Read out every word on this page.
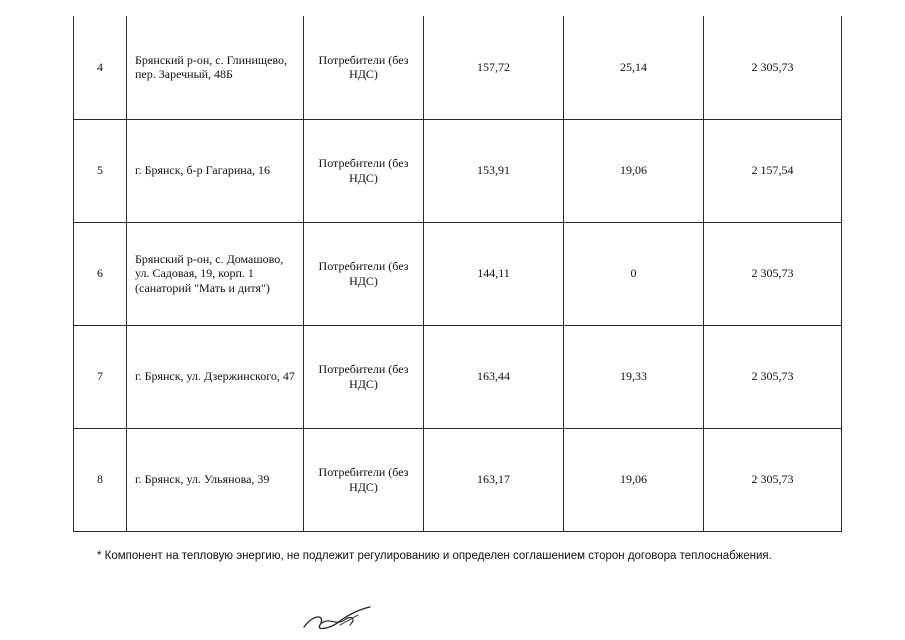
4	Брянский р-он, с. Глинищево, пер. Заречный, 48Б	Потребители (без НДС)	157,72	25,14	2 305,73
5	г. Брянск, б-р Гагарина, 16	Потребители (без НДС)	153,91	19,06	2 157,54
6	Брянский р-он, с. Домашово, ул. Садовая, 19, корп. 1 (санаторий "Мать и дитя")	Потребители (без НДС)	144,11	0	2 305,73
7	г. Брянск, ул. Дзержинского, 47	Потребители (без НДС)	163,44	19,33	2 305,73
8	г. Брянск, ул. Ульянова, 39	Потребители (без НДС)	163,17	19,06	2 305,73
* Компонент на тепловую энергию, не подлежит регулированию и определен соглашением сторон договора теплоснабжения.
